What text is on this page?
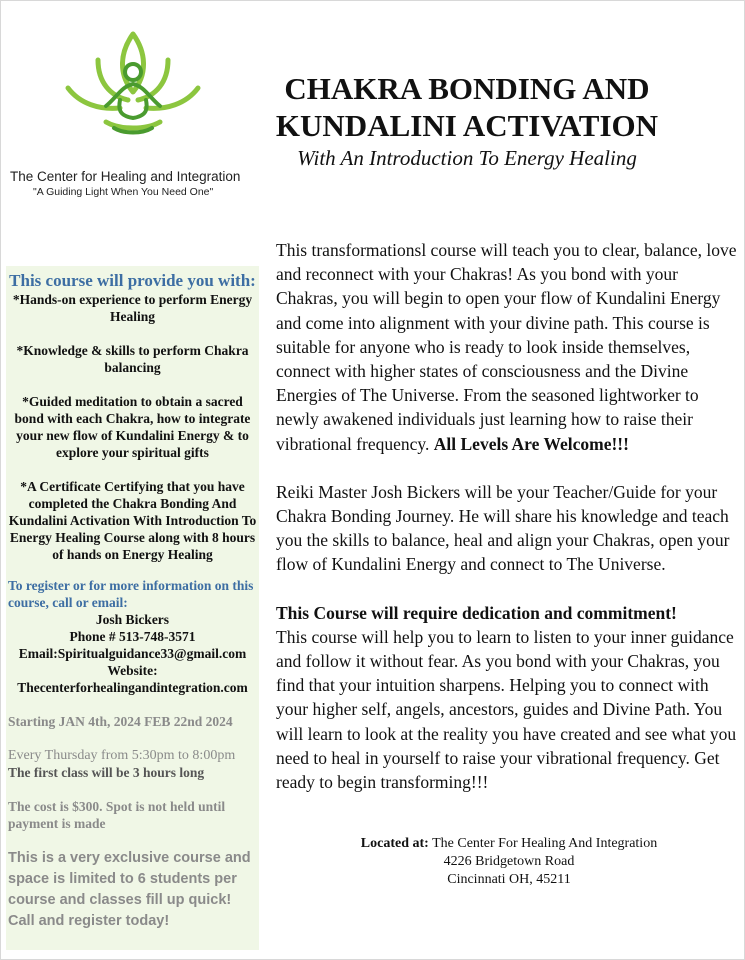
The Center for Healing and Integration
"A Guiding Light When You Need One"

CHAKRA BONDING AND

KUNDALINI ACTIVATION

With An Introduction To Energy Healing

This course will provide you with:
*Hands-on experience to perform Energy Healing
*Knowledge & skills to perform Chakra balancing
*Guided meditation to obtain a sacred bond with each Chakra, how to integrate your new flow of Kundalini Energy & to explore your spiritual gifts
*A Certificate Certifying that you have completed the Chakra Bonding And Kundalini Activation With Introduction To Energy Healing Course along with 8 hours of hands on Energy Healing
To register or for more information on this course, call or email:
Josh Bickers
Phone # 513-748-3571
Email:Spiritualguidance33@gmail.com
Website:
Thecenterforhealingandintegration.com
Starting JAN 4th, 2024 FEB 22nd 2024
Every Thursday from 5:30pm to 8:00pm
The first class will be 3 hours long
The cost is $300. Spot is not held until payment is made
This is a very exclusive course and space is limited to 6 students per course and classes fill up quick! Call and register today!

This transformationsl course will teach you to clear, balance, love and reconnect with your Chakras! As you bond with your Chakras, you will begin to open your flow of Kundalini Energy and come into alignment with your divine path. This course is suitable for anyone who is ready to look inside themselves, connect with higher states of consciousness and the Divine Energies of The Universe. From the seasoned lightworker to newly awakened individuals just learning how to raise their vibrational frequency. All Levels Are Welcome!!!

Reiki Master Josh Bickers will be your Teacher/Guide for your Chakra Bonding Journey. He will share his knowledge and teach you the skills to balance, heal and align your Chakras, open your flow of Kundalini Energy and connect to The Universe.

This Course will require dedication and commitment!

This course will help you to learn to listen to your inner guidance and follow it without fear. As you bond with your Chakras, you find that your intuition sharpens. Helping you to connect with your higher self, angels, ancestors, guides and Divine Path. You will learn to look at the reality you have created and see what you need to heal in yourself to raise your vibrational frequency. Get ready to begin transforming!!!

Located at: The Center For Healing And Integration
4226 Bridgetown Road
Cincinnati OH, 45211
